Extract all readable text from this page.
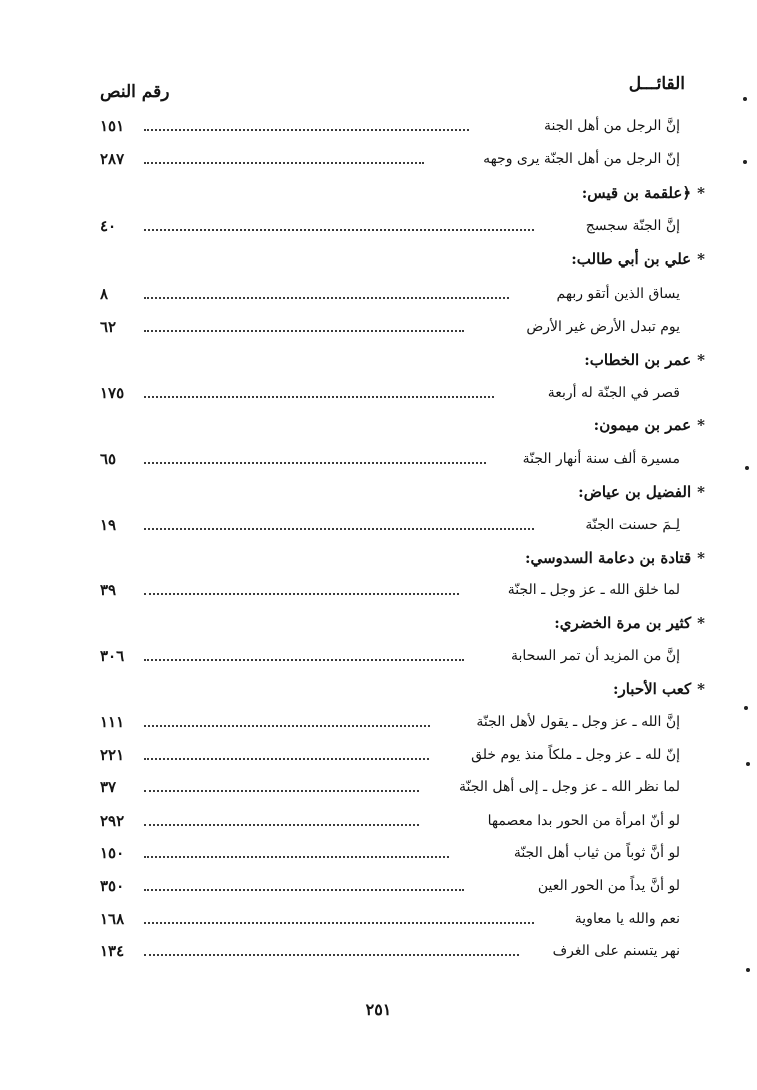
القائـــل
رقم النص
١٥١	إنَّ الرجل من أهل الجنة
٢٨٧	إنّ الرجل من أهل الجنّة يرى وجهه
*﴿علقمة بن قيس:
٤٠	إنَّ الجنّة سجسج
*علي بن أبي طالب:
٨	يساق الذين أتقو ربهم
٦٢	يوم تبدل الأرض غير الأرض
*عمر بن الخطاب:
١٧٥	قصر في الجنّة له أربعة
*عمر بن ميمون:
٦٥	مسيرة ألف سنة أنهار الجنّة
*الفضيل بن عياض:
١٩	لِـمَ حسنت الجنّة
*قتادة بن دعامة السدوسي:
٣٩	لما خلق الله ـ عز وجل ـ الجنّة
*كثير بن مرة الخضري:
٣٠٦	إنَّ من المزيد أن تمر السحابة
*كعب الأحبار:
١١١	إنَّ الله ـ عز وجل ـ يقول لأهل الجنّة
٢٢١	إنّ لله ـ عز وجل ـ ملكاً منذ يوم خلق
٣٧	لما نظر الله ـ عز وجل ـ إلى أهل الجنّة
٢٩٢	لو أنّ امرأة من الحور بدا معصمها
١٥٠	لو أنَّ ثوباً من ثياب أهل الجنّة
٣٥٠	لو أنَّ يداً من الحور العين
١٦٨	نعم والله يا معاوية
١٣٤	نهر يتسنم على الغرف
٢٥١
